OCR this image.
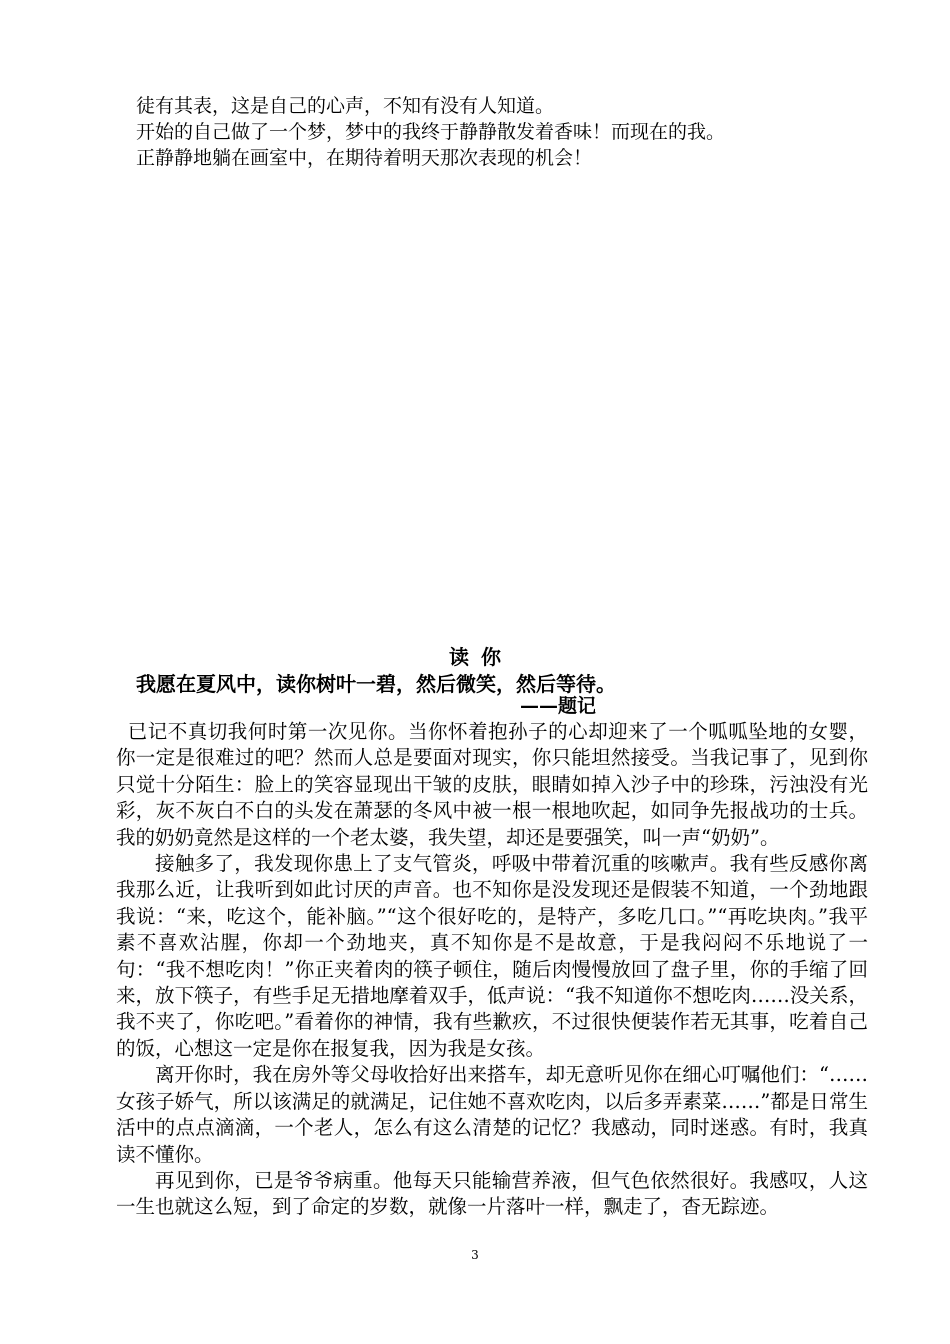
徒有其表，这是自己的心声，不知有没有人知道。

开始的自己做了一个梦，梦中的我终于静静散发着香味！而现在的我。

正静静地躺在画室中，在期待着明天那次表现的机会！

读 你
我愿在夏风中，读你树叶一碧，然后微笑，然后等待。
——题记

已记不真切我何时第一次见你。当你怀着抱孙子的心却迎来了一个呱呱坠地的女婴，你一定是很难过的吧？然而人总是要面对现实，你只能坦然接受。当我记事了，见到你只觉十分陌生：脸上的笑容显现出干皱的皮肤，眼睛如掉入沙子中的珍珠，污浊没有光彩，灰不灰白不白的头发在萧瑟的冬风中被一根一根地吹起，如同争先报战功的士兵。我的奶奶竟然是这样的一个老太婆，我失望，却还是要强笑，叫一声“奶奶”。

接触多了，我发现你患上了支气管炎，呼吸中带着沉重的咳嗽声。我有些反感你离我那么近，让我听到如此讨厌的声音。也不知你是没发现还是假装不知道，一个劲地跟我说：“来，吃这个，能补脑。”“这个很好吃的，是特产，多吃几口。”“再吃块肉。”我平素不喜欢沾腥，你却一个劲地夹，真不知你是不是故意，于是我闷闷不乐地说了一句：“我不想吃肉！”你正夹着肉的筷子顿住，随后肉慢慢放回了盘子里，你的手缩了回来，放下筷子，有些手足无措地摩着双手，低声说：“我不知道你不想吃肉……没关系，我不夹了，你吃吧。”看着你的神情，我有些歉疚，不过很快便装作若无其事，吃着自己的饭，心想这一定是你在报复我，因为我是女孩。

离开你时，我在房外等父母收拾好出来搭车，却无意听见你在细心叮嘱他们：“……女孩子娇气，所以该满足的就满足，记住她不喜欢吃肉，以后多弄素菜……”都是日常生活中的点点滴滴，一个老人，怎么有这么清楚的记忆？我感动，同时迷惑。有时，我真读不懂你。

再见到你，已是爷爷病重。他每天只能输营养液，但气色依然很好。我感叹，人这一生也就这么短，到了命定的岁数，就像一片落叶一样，飘走了，杳无踪迹。

3
